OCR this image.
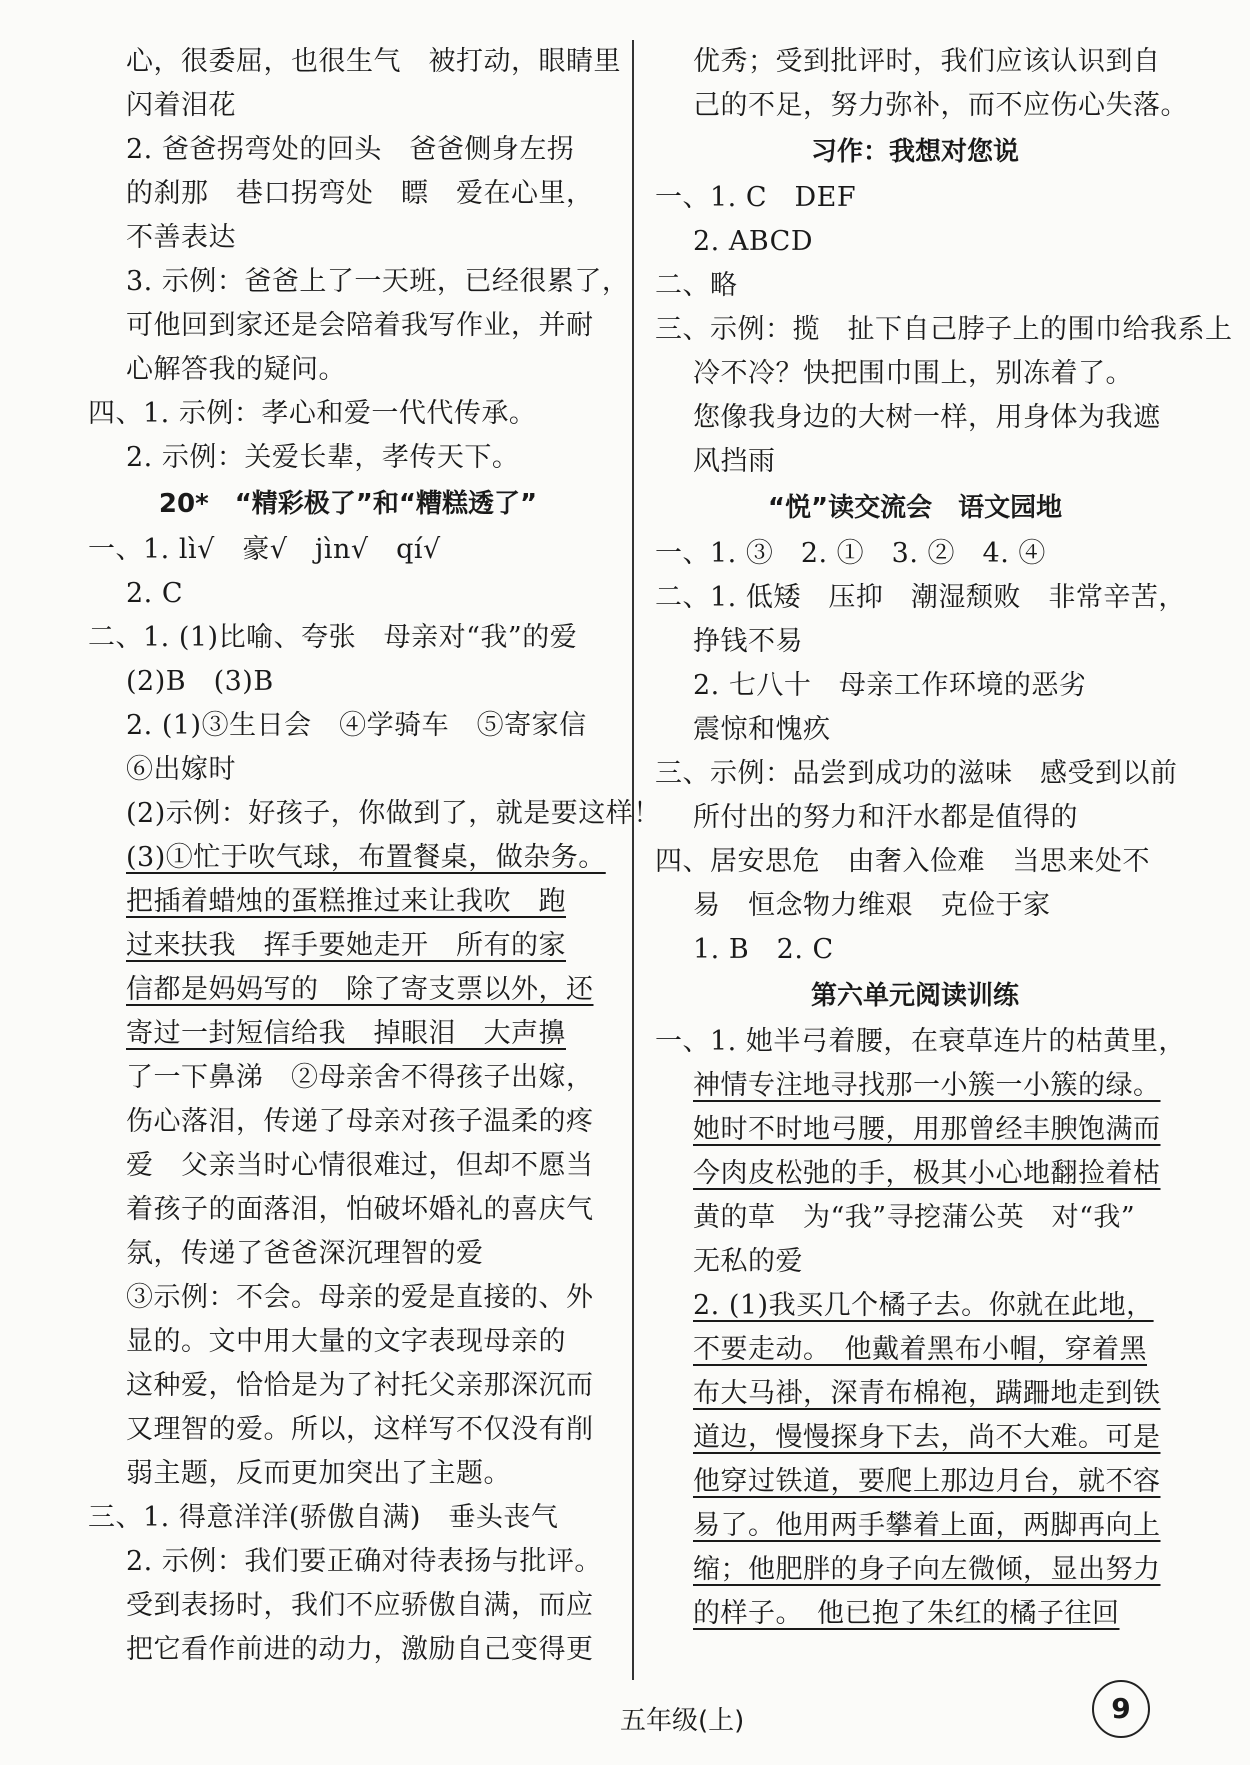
心，很委屈，也很生气　被打动，眼睛里
闪着泪花
2. 爸爸拐弯处的回头　爸爸侧身左拐
的刹那　巷口拐弯处　瞟　爱在心里，
不善表达
3. 示例：爸爸上了一天班，已经很累了，
可他回到家还是会陪着我写作业，并耐
心解答我的疑问。
四、1. 示例：孝心和爱一代代传承。
2. 示例：关爱长辈，孝传天下。
20*　“精彩极了”和“糟糕透了”
一、1. lì√　豪√　jìn√　qí√
2. C
二、1. (1)比喻、夸张　母亲对“我”的爱
(2)B　(3)B
2. (1)③生日会　④学骑车　⑤寄家信
⑥出嫁时
(2)示例：好孩子，你做到了，就是要这样！
(3)①忙于吹气球，布置餐桌，做杂务。
把插着蜡烛的蛋糕推过来让我吹　跑
过来扶我　挥手要她走开　所有的家
信都是妈妈写的　除了寄支票以外，还
寄过一封短信给我　掉眼泪　大声擤
了一下鼻涕　②母亲舍不得孩子出嫁，
伤心落泪，传递了母亲对孩子温柔的疼
爱　父亲当时心情很难过，但却不愿当
着孩子的面落泪，怕破坏婚礼的喜庆气
氛，传递了爸爸深沉理智的爱
③示例：不会。母亲的爱是直接的、外
显的。文中用大量的文字表现母亲的
这种爱，恰恰是为了衬托父亲那深沉而
又理智的爱。所以，这样写不仅没有削
弱主题，反而更加突出了主题。
三、1. 得意洋洋(骄傲自满)　垂头丧气
2. 示例：我们要正确对待表扬与批评。
受到表扬时，我们不应骄傲自满，而应
把它看作前进的动力，激励自己变得更
优秀；受到批评时，我们应该认识到自
己的不足，努力弥补，而不应伤心失落。
习作：我想对您说
一、1. C　DEF
2. ABCD
二、略
三、示例：揽　扯下自己脖子上的围巾给我系上
冷不冷？快把围巾围上，别冻着了。
您像我身边的大树一样，用身体为我遮
风挡雨
“悦”读交流会　语文园地
一、1. ③　2. ①　3. ②　4. ④
二、1. 低矮　压抑　潮湿颓败　非常辛苦，
挣钱不易
2. 七八十　母亲工作环境的恶劣
震惊和愧疚
三、示例：品尝到成功的滋味　感受到以前
所付出的努力和汗水都是值得的
四、居安思危　由奢入俭难　当思来处不
易　恒念物力维艰　克俭于家
1. B　2. C
第六单元阅读训练
一、1. 她半弓着腰，在衰草连片的枯黄里，
神情专注地寻找那一小簇一小簇的绿。
她时不时地弓腰，用那曾经丰腴饱满而
今肉皮松弛的手，极其小心地翻捡着枯
黄的草　为“我”寻挖蒲公英　对“我”
无私的爱
2. (1)我买几个橘子去。你就在此地，
不要走动。　他戴着黑布小帽，穿着黑
布大马褂，深青布棉袍，蹒跚地走到铁
道边，慢慢探身下去，尚不大难。可是
他穿过铁道，要爬上那边月台，就不容
易了。他用两手攀着上面，两脚再向上
缩；他肥胖的身子向左微倾，显出努力
的样子。　他已抱了朱红的橘子往回
五年级(上)	9
